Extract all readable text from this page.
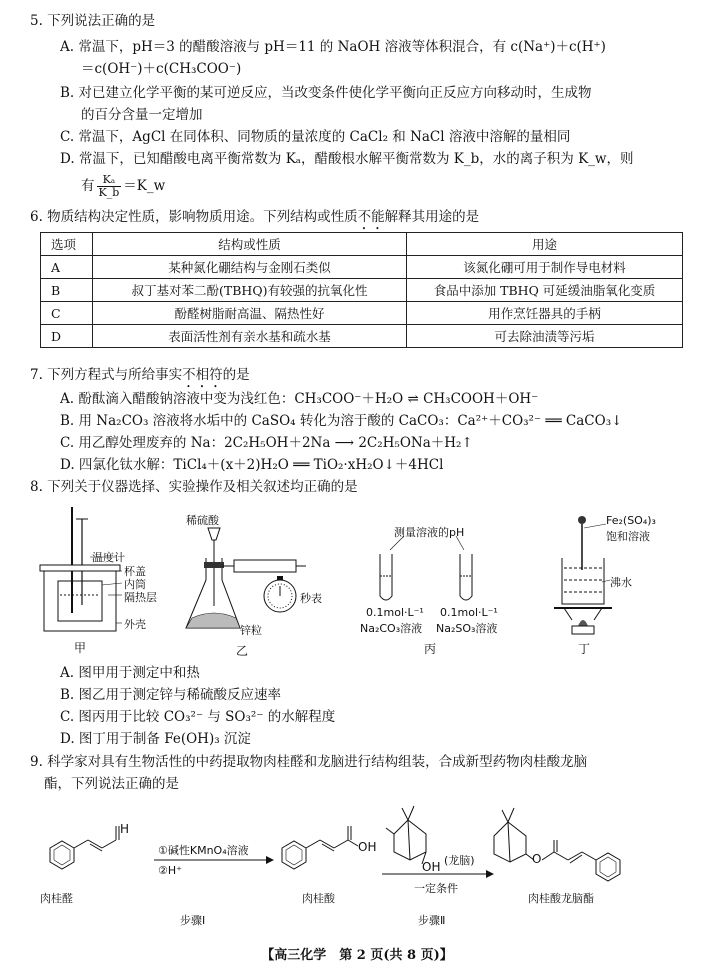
5. 下列说法正确的是
A. 常温下，pH＝3 的醋酸溶液与 pH＝11 的 NaOH 溶液等体积混合，有 c(Na⁺)＋c(H⁺)
＝c(OH⁻)＋c(CH₃COO⁻)
B. 对已建立化学平衡的某可逆反应，当改变条件使化学平衡向正反应方向移动时，生成物
的百分含量一定增加
C. 常温下，AgCl 在同体积、同物质的量浓度的 CaCl₂ 和 NaCl 溶液中溶解的量相同
D. 常温下，已知醋酸电离平衡常数为 Kₐ，醋酸根水解平衡常数为 K_b，水的离子积为 K_w，则
有 $\frac{\text{Kₐ}}{K\_b}$ ＝K_w
6. 物质结构决定性质，影响物质用途。下列结构或性质不能解释其用途的是
选项	结构或性质	用途
A	某种氮化硼结构与金刚石类似	该氮化硼可用于制作导电材料
B	叔丁基对苯二酚(TBHQ)有较强的抗氧化性	食品中添加 TBHQ 可延缓油脂氧化变质
C	酚醛树脂耐高温、隔热性好	用作烹饪器具的手柄
D	表面活性剂有亲水基和疏水基	可去除油渍等污垢
7. 下列方程式与所给事实不相符的是
A. 酚酞滴入醋酸钠溶液中变为浅红色：CH₃COO⁻＋H₂O ⇌ CH₃COOH＋OH⁻
B. 用 Na₂CO₃ 溶液将水垢中的 CaSO₄ 转化为溶于酸的 CaCO₃：Ca²⁺＋CO₃²⁻ ══ CaCO₃↓
C. 用乙醇处理废弃的 Na：2C₂H₅OH＋2Na ⟶ 2C₂H₅ONa＋H₂↑
D. 四氯化钛水解：TiCl₄＋(x＋2)H₂O ══ TiO₂·xH₂O↓＋4HCl
8. 下列关于仪器选择、实验操作及相关叙述均正确的是
温度计
杯盖
内筒
隔热层
外壳
甲
稀硫酸
秒表
锌粒
乙
测量溶液的pH
0.1mol·L⁻¹
Na₂CO₃溶液
0.1mol·L⁻¹
Na₂SO₃溶液
丙
Fe₂(SO₄)₃
饱和溶液
沸水
丁
A. 图甲用于测定中和热
B. 图乙用于测定锌与稀硫酸反应速率
C. 图丙用于比较 CO₃²⁻ 与 SO₃²⁻ 的水解程度
D. 图丁用于制备 Fe(OH)₃ 沉淀
9. 科学家对具有生物活性的中药提取物肉桂醛和龙脑进行结构组装，合成新型药物肉桂酸龙脑
酯，下列说法正确的是
H
①碱性KMnO₄溶液
②H⁺
OH
OH (龙脑)
一定条件
O
肉桂醛	肉桂酸	肉桂酸龙脑酯
步骤Ⅰ	步骤Ⅱ
【高三化学　第 2 页(共 8 页)】
